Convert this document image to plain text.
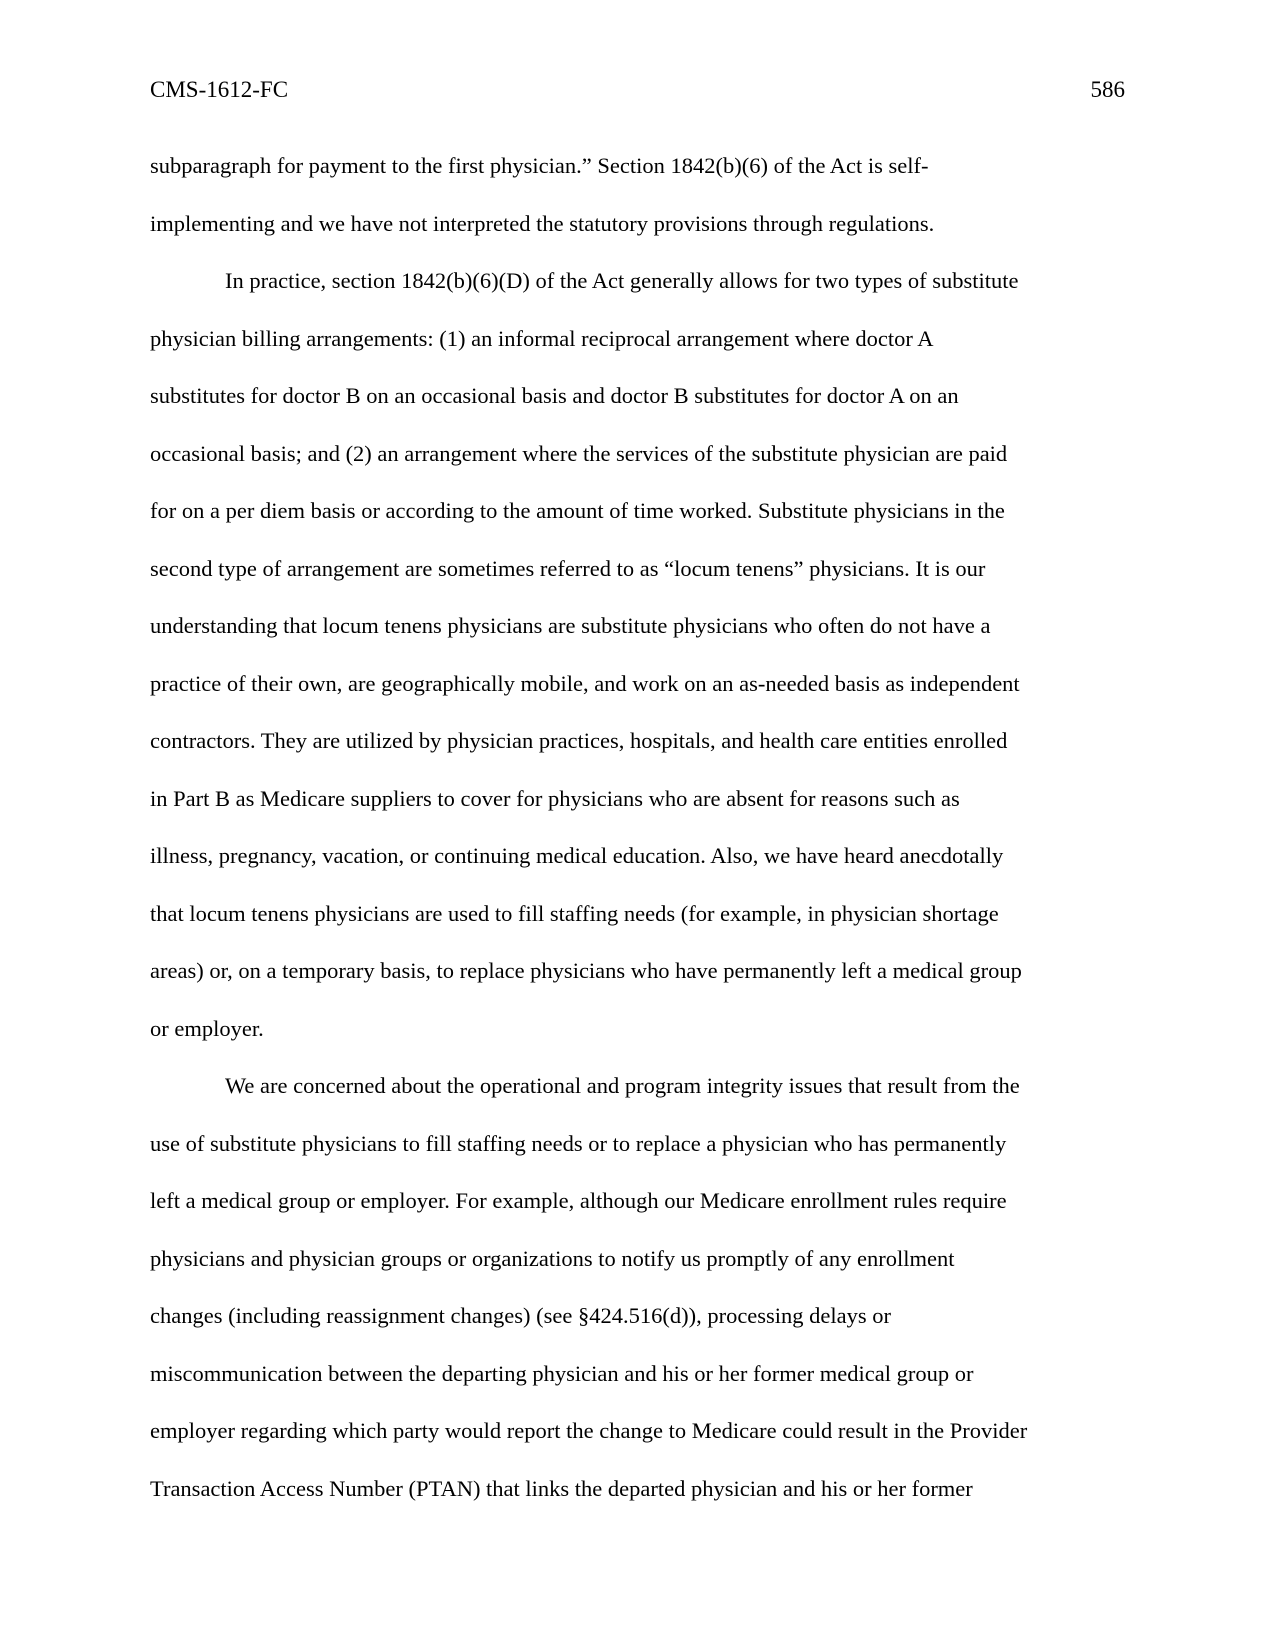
CMS-1612-FC	586

subparagraph for payment to the first physician.” Section 1842(b)(6) of the Act is self-
implementing and we have not interpreted the statutory provisions through regulations.

In practice, section 1842(b)(6)(D) of the Act generally allows for two types of substitute
physician billing arrangements: (1) an informal reciprocal arrangement where doctor A
substitutes for doctor B on an occasional basis and doctor B substitutes for doctor A on an
occasional basis; and (2) an arrangement where the services of the substitute physician are paid
for on a per diem basis or according to the amount of time worked. Substitute physicians in the
second type of arrangement are sometimes referred to as “locum tenens” physicians. It is our
understanding that locum tenens physicians are substitute physicians who often do not have a
practice of their own, are geographically mobile, and work on an as-needed basis as independent
contractors. They are utilized by physician practices, hospitals, and health care entities enrolled
in Part B as Medicare suppliers to cover for physicians who are absent for reasons such as
illness, pregnancy, vacation, or continuing medical education. Also, we have heard anecdotally
that locum tenens physicians are used to fill staffing needs (for example, in physician shortage
areas) or, on a temporary basis, to replace physicians who have permanently left a medical group
or employer.

We are concerned about the operational and program integrity issues that result from the
use of substitute physicians to fill staffing needs or to replace a physician who has permanently
left a medical group or employer. For example, although our Medicare enrollment rules require
physicians and physician groups or organizations to notify us promptly of any enrollment
changes (including reassignment changes) (see §424.516(d)), processing delays or
miscommunication between the departing physician and his or her former medical group or
employer regarding which party would report the change to Medicare could result in the Provider
Transaction Access Number (PTAN) that links the departed physician and his or her former
